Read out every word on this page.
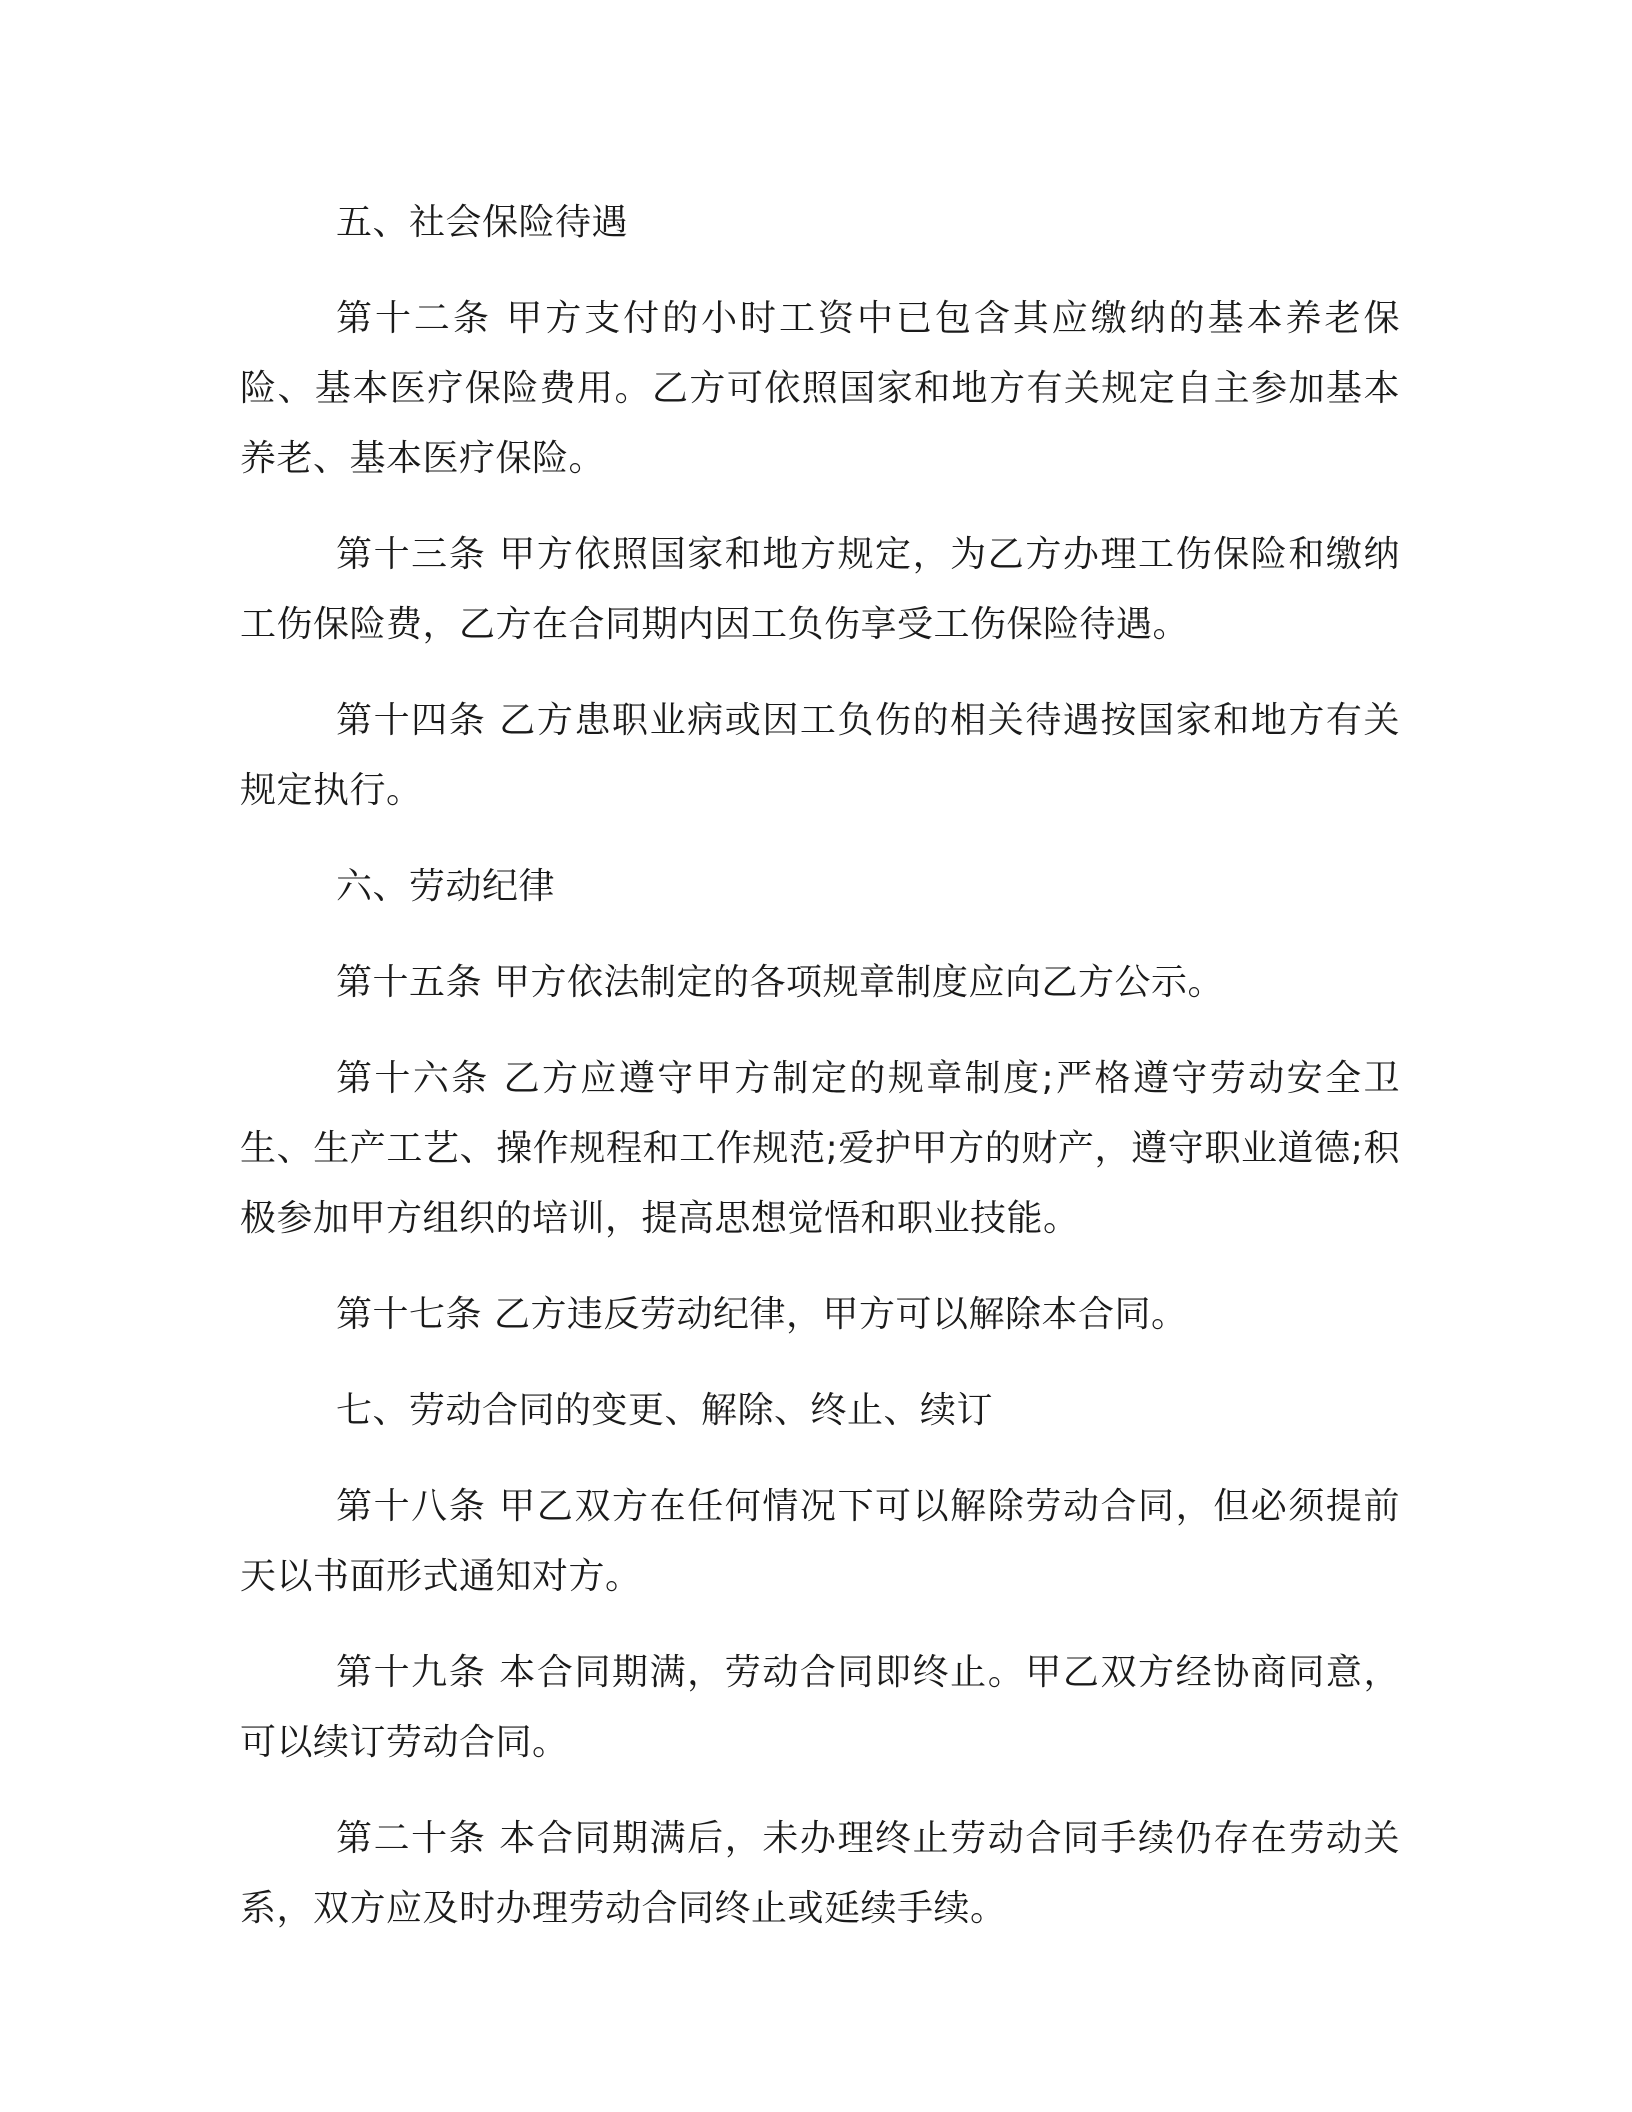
五、社会保险待遇

第十二条 甲方支付的小时工资中已包含其应缴纳的基本养老保险、基本医疗保险费用。乙方可依照国家和地方有关规定自主参加基本养老、基本医疗保险。

第十三条 甲方依照国家和地方规定，为乙方办理工伤保险和缴纳工伤保险费，乙方在合同期内因工负伤享受工伤保险待遇。

第十四条 乙方患职业病或因工负伤的相关待遇按国家和地方有关规定执行。

六、劳动纪律

第十五条 甲方依法制定的各项规章制度应向乙方公示。

第十六条 乙方应遵守甲方制定的规章制度;严格遵守劳动安全卫生、生产工艺、操作规程和工作规范;爱护甲方的财产，遵守职业道德;积极参加甲方组织的培训，提高思想觉悟和职业技能。

第十七条 乙方违反劳动纪律，甲方可以解除本合同。

七、劳动合同的变更、解除、终止、续订

第十八条 甲乙双方在任何情况下可以解除劳动合同，但必须提前天以书面形式通知对方。

第十九条 本合同期满，劳动合同即终止。甲乙双方经协商同意，可以续订劳动合同。

第二十条 本合同期满后，未办理终止劳动合同手续仍存在劳动关系，双方应及时办理劳动合同终止或延续手续。
